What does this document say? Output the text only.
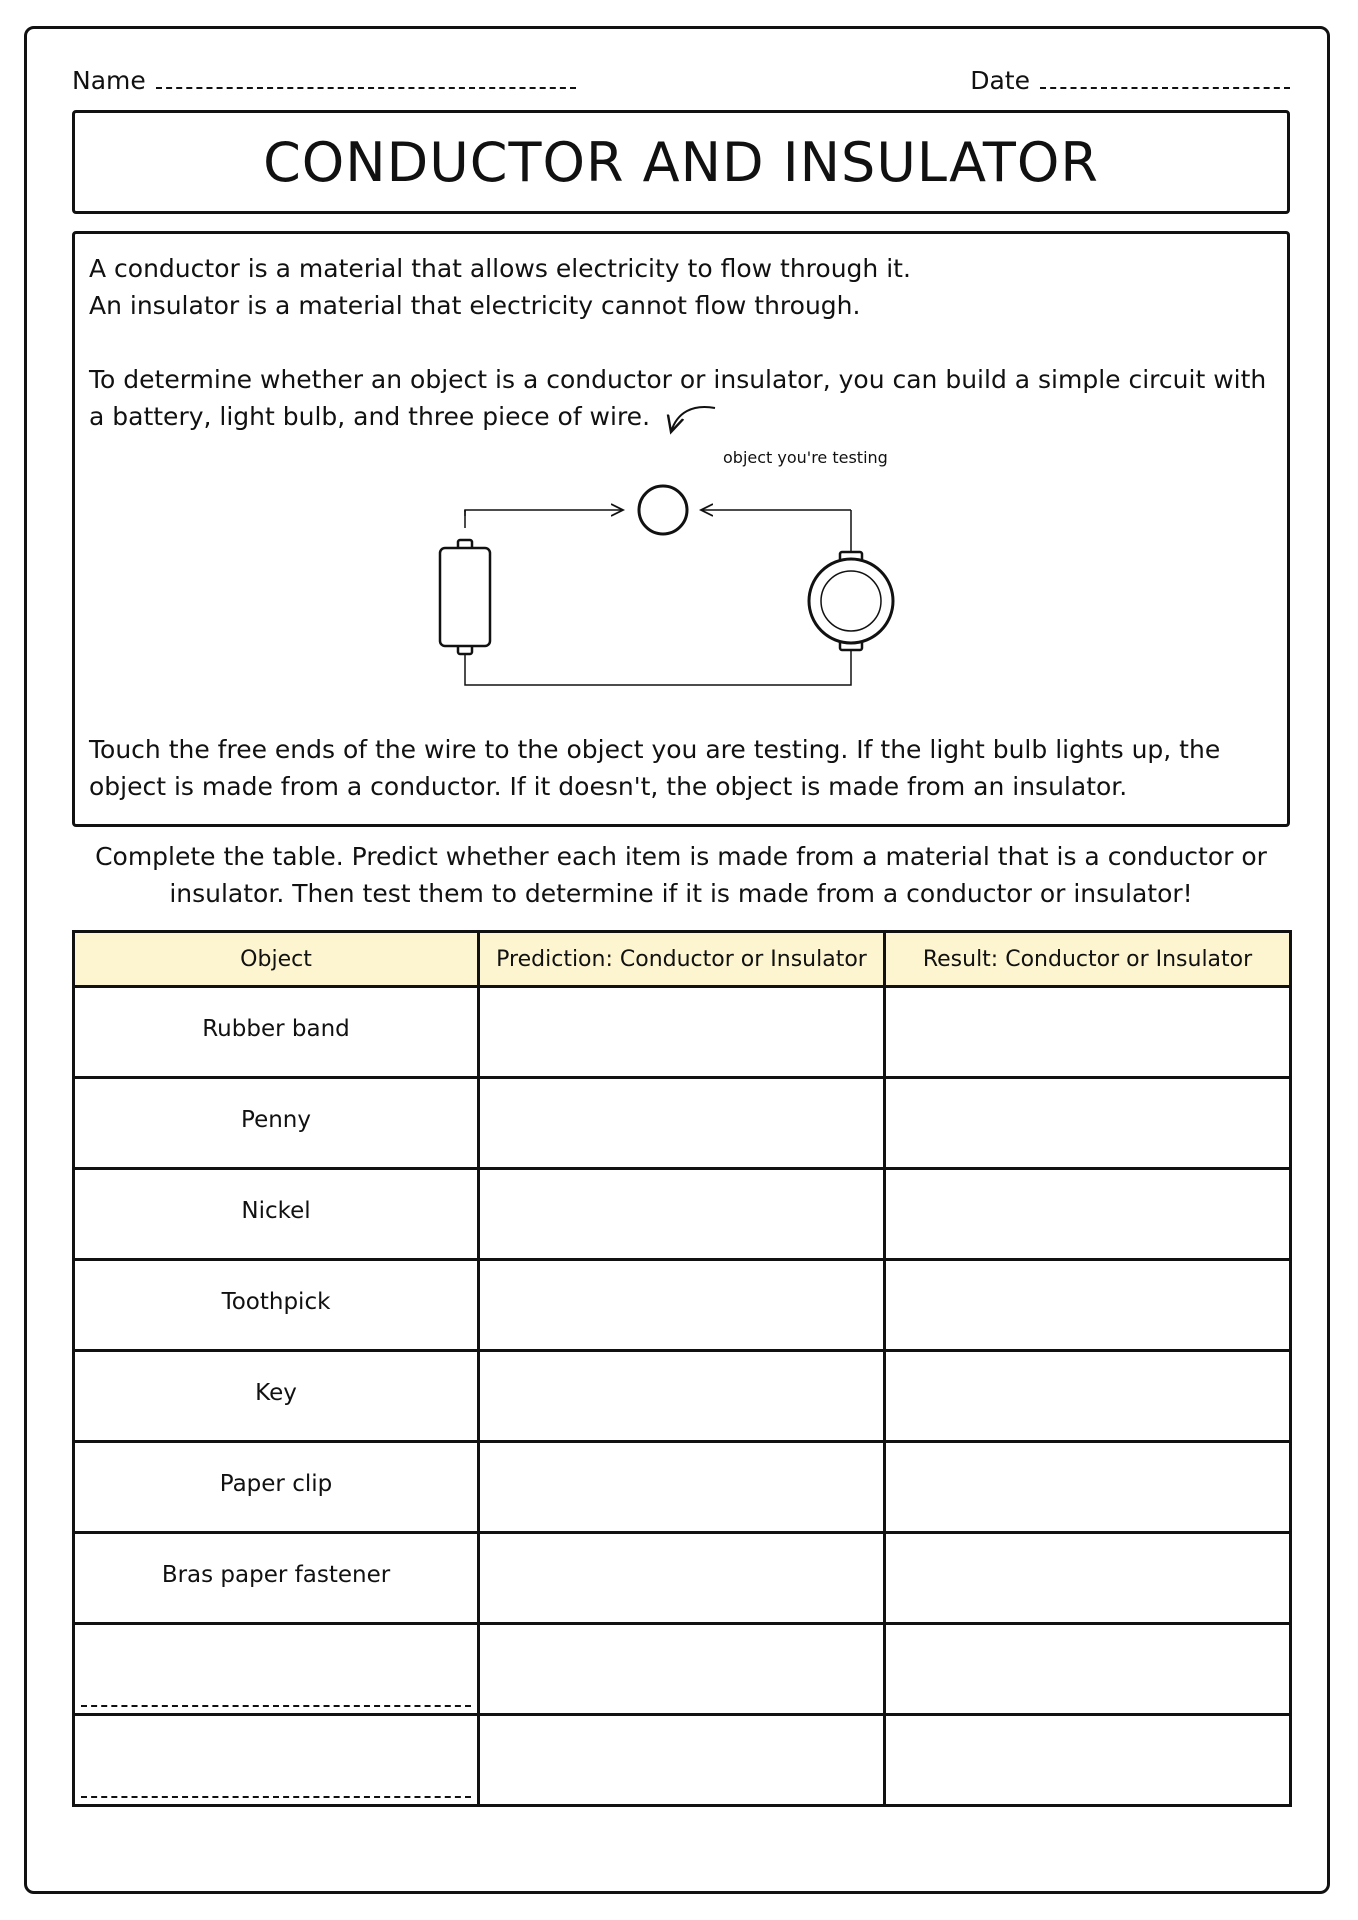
Name	Date
CONDUCTOR AND INSULATOR
A conductor is a material that allows electricity to flow through it.
An insulator is a material that electricity cannot flow through.
To determine whether an object is a conductor or insulator, you can build a simple circuit with a battery, light bulb, and three piece of wire.
object you're testing
Touch the free ends of the wire to the object you are testing. If the light bulb lights up, the object is made from a conductor. If it doesn't, the object is made from an insulator.
Complete the table. Predict whether each item is made from a material that is a conductor or insulator. Then test them to determine if it is made from a conductor or insulator!
Object	Prediction: Conductor or Insulator	Result: Conductor or Insulator
Rubber band		
Penny		
Nickel		
Toothpick		
Key		
Paper clip		
Bras paper fastener		
